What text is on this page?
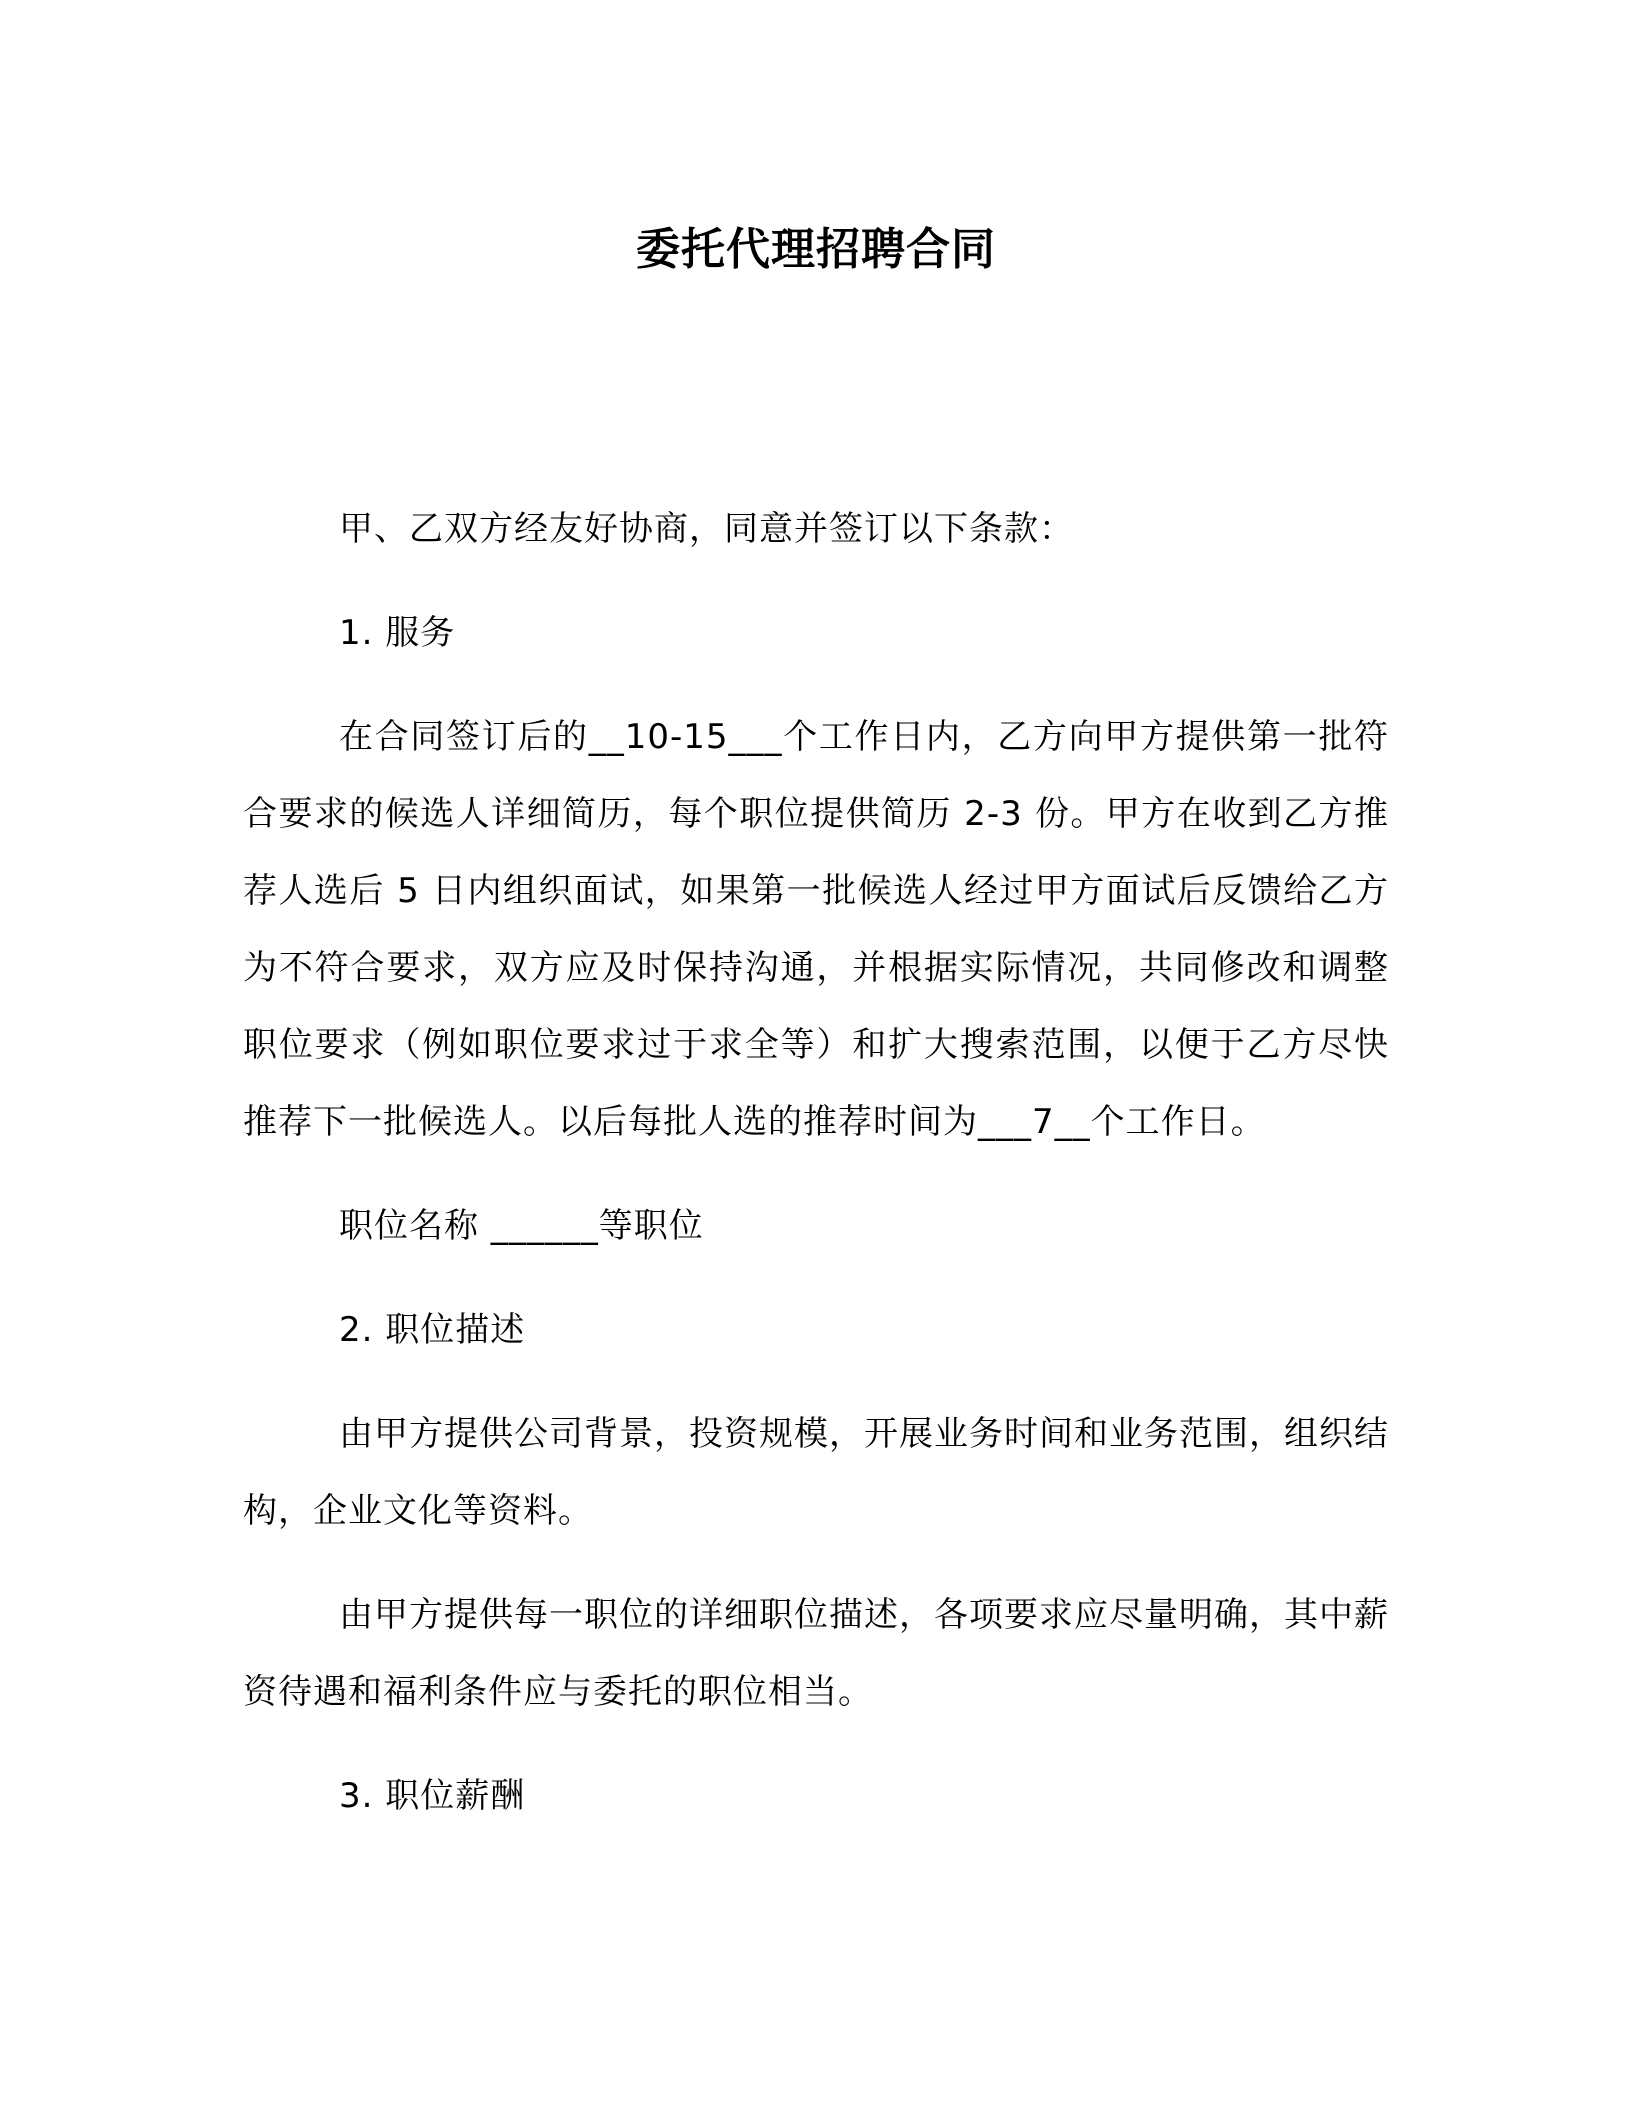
委托代理招聘合同

甲、乙双方经友好协商，同意并签订以下条款：

1. 服务

在合同签订后的__10-15___个工作日内，乙方向甲方提供第一批符合要求的候选人详细简历，每个职位提供简历 2-3 份。甲方在收到乙方推荐人选后 5 日内组织面试，如果第一批候选人经过甲方面试后反馈给乙方为不符合要求，双方应及时保持沟通，并根据实际情况，共同修改和调整职位要求（例如职位要求过于求全等）和扩大搜索范围，以便于乙方尽快推荐下一批候选人。以后每批人选的推荐时间为___7__个工作日。

职位名称 ______等职位

2. 职位描述

由甲方提供公司背景，投资规模，开展业务时间和业务范围，组织结构，企业文化等资料。

由甲方提供每一职位的详细职位描述，各项要求应尽量明确，其中薪资待遇和福利条件应与委托的职位相当。

3. 职位薪酬
